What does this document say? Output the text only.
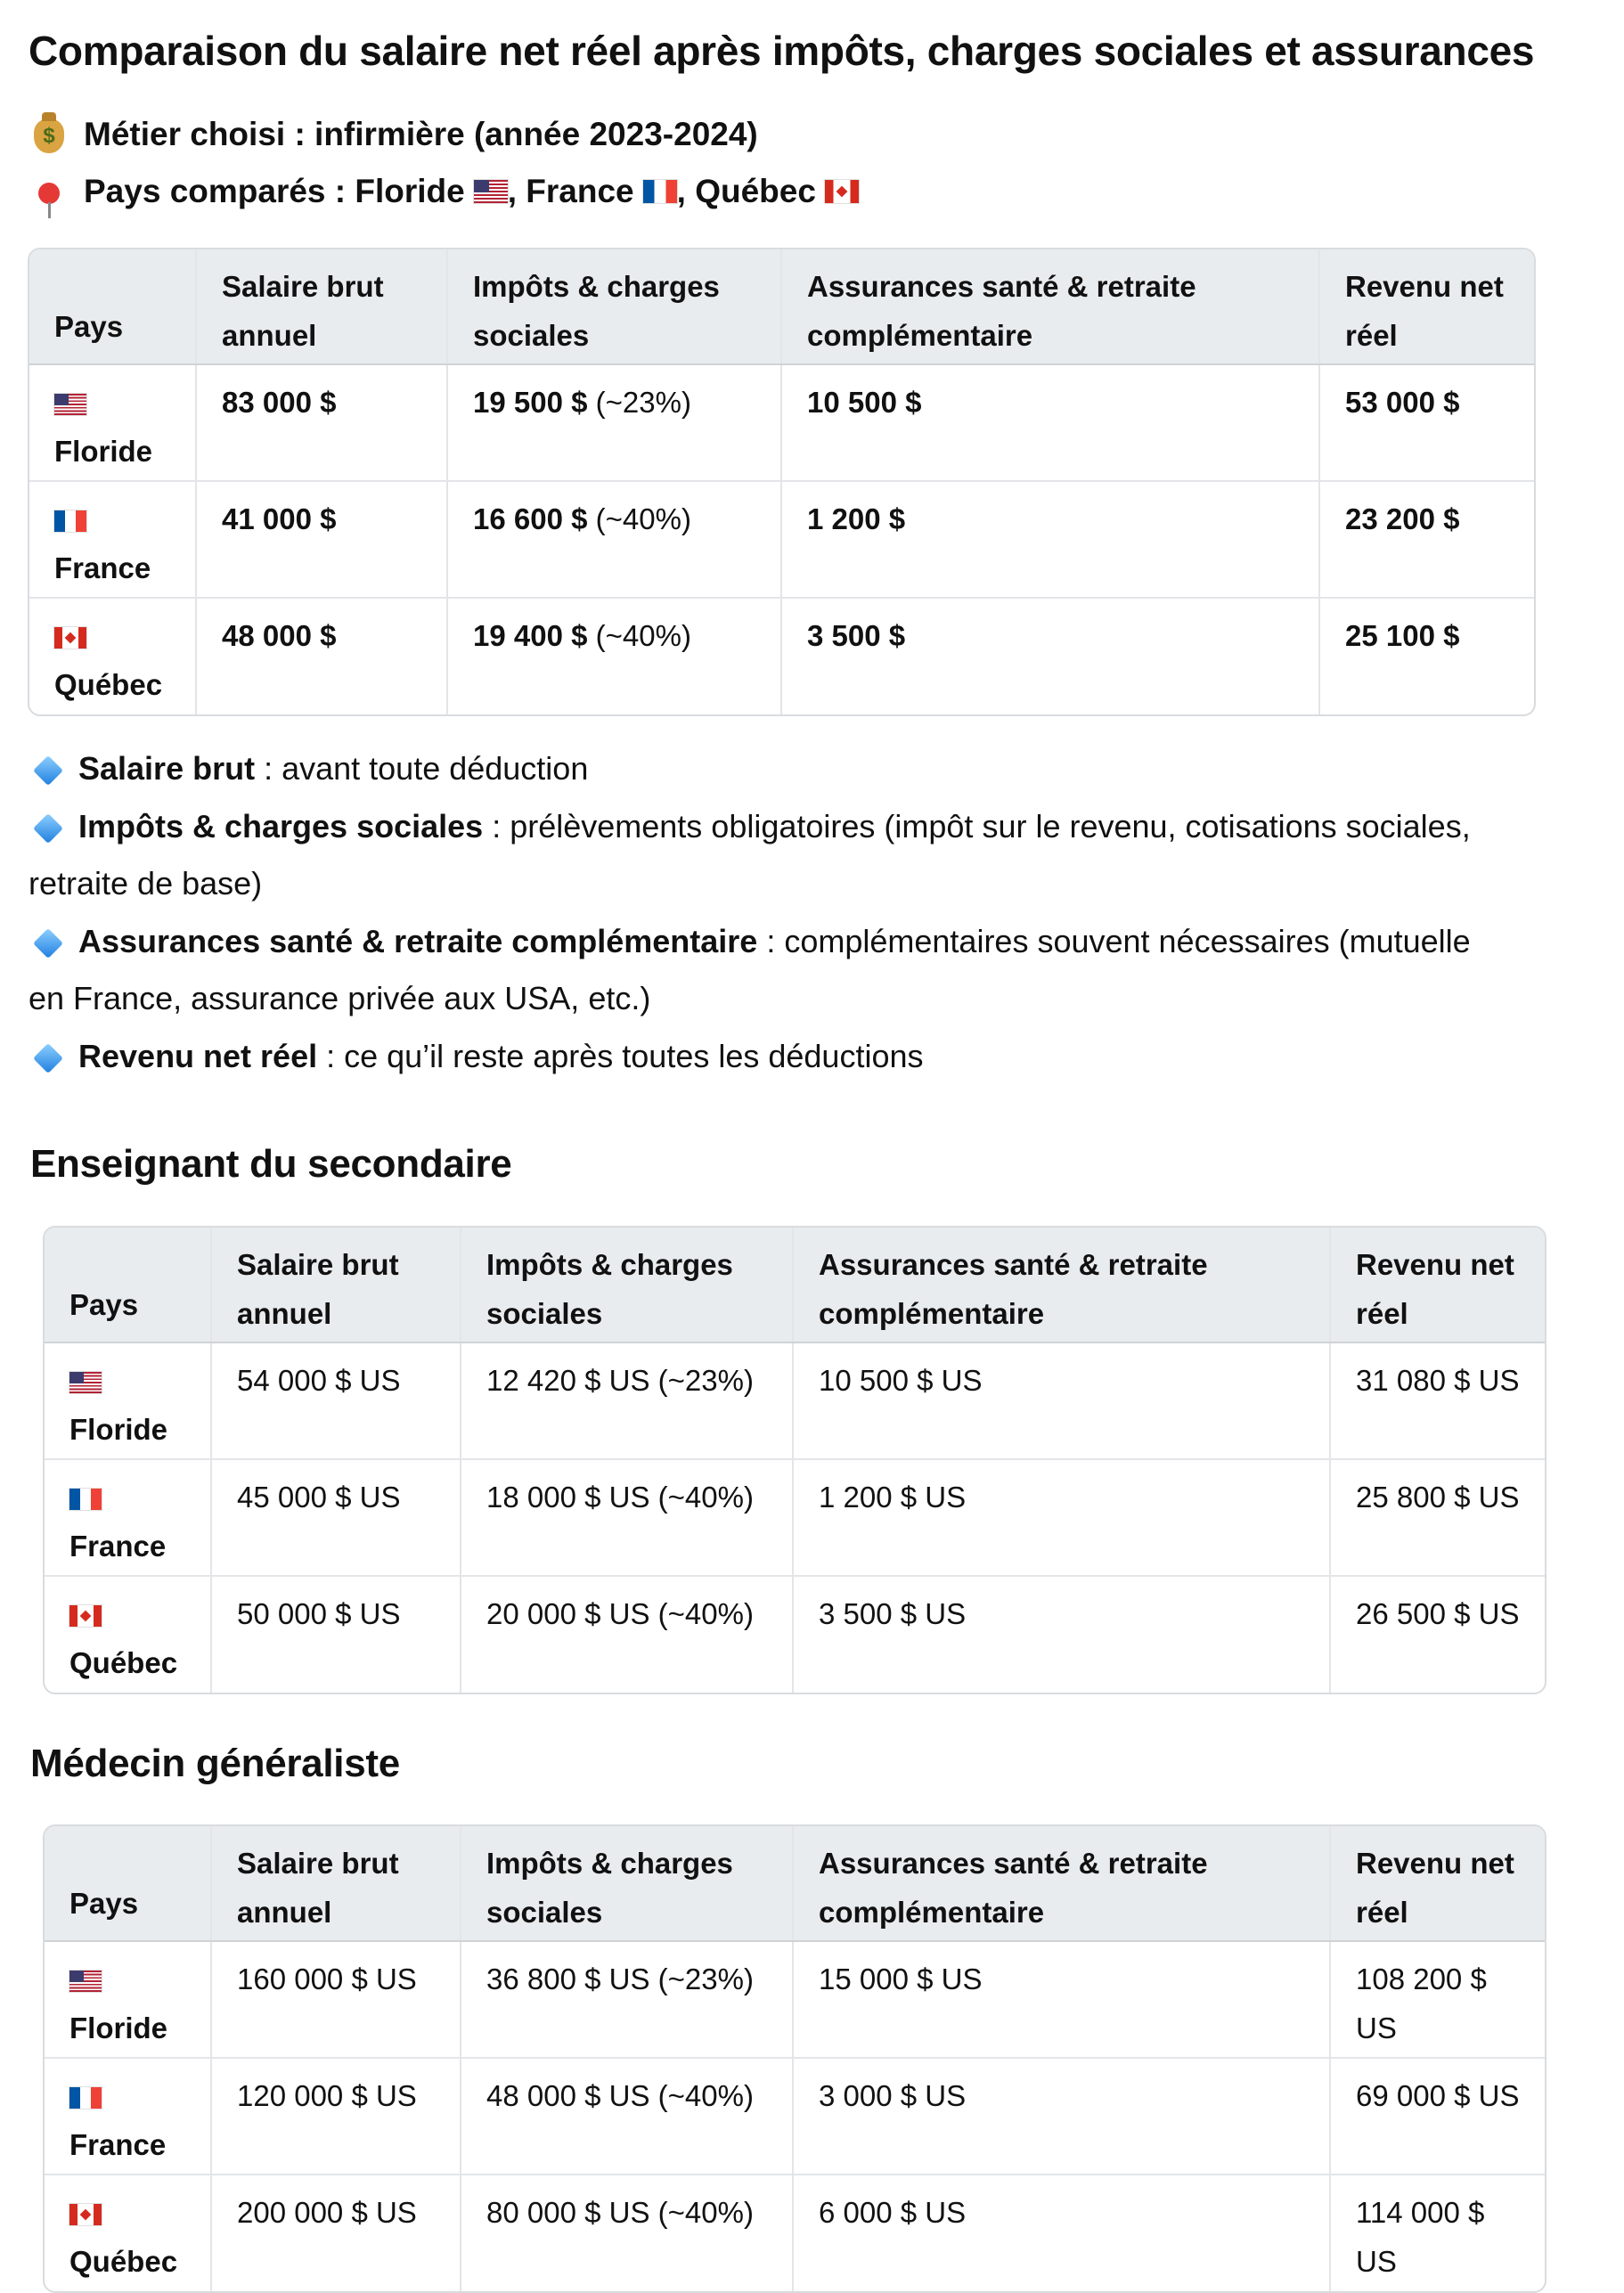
Comparaison du salaire net réel après impôts, charges sociales et assurances
$ Métier choisi : infirmière (année 2023-2024)
Pays comparés : Floride , France , Québec
Pays	Salaire brut annuel	Impôts & charges sociales	Assurances santé & retraite complémentaire	Revenu net réel

Floride	83 000 $	19 500 $ (~23%)	10 500 $	53 000 $

France	41 000 $	16 600 $ (~40%)	1 200 $	23 200 $

Québec	48 000 $	19 400 $ (~40%)	3 500 $	25 100 $
Salaire brut : avant toute déduction
Impôts & charges sociales : prélèvements obligatoires (impôt sur le revenu, cotisations sociales,
retraite de base)
Assurances santé & retraite complémentaire : complémentaires souvent nécessaires (mutuelle
en France, assurance privée aux USA, etc.)
Revenu net réel : ce qu’il reste après toutes les déductions
Enseignant du secondaire
Pays	Salaire brut annuel	Impôts & charges sociales	Assurances santé & retraite complémentaire	Revenu net réel

Floride	54 000 $ US	12 420 $ US (~23%)	10 500 $ US	31 080 $ US

France	45 000 $ US	18 000 $ US (~40%)	1 200 $ US	25 800 $ US

Québec	50 000 $ US	20 000 $ US (~40%)	3 500 $ US	26 500 $ US
Médecin généraliste
Pays	Salaire brut annuel	Impôts & charges sociales	Assurances santé & retraite complémentaire	Revenu net réel

Floride	160 000 $ US	36 800 $ US (~23%)	15 000 $ US	108 200 $ US

France	120 000 $ US	48 000 $ US (~40%)	3 000 $ US	69 000 $ US

Québec	200 000 $ US	80 000 $ US (~40%)	6 000 $ US	114 000 $ US
